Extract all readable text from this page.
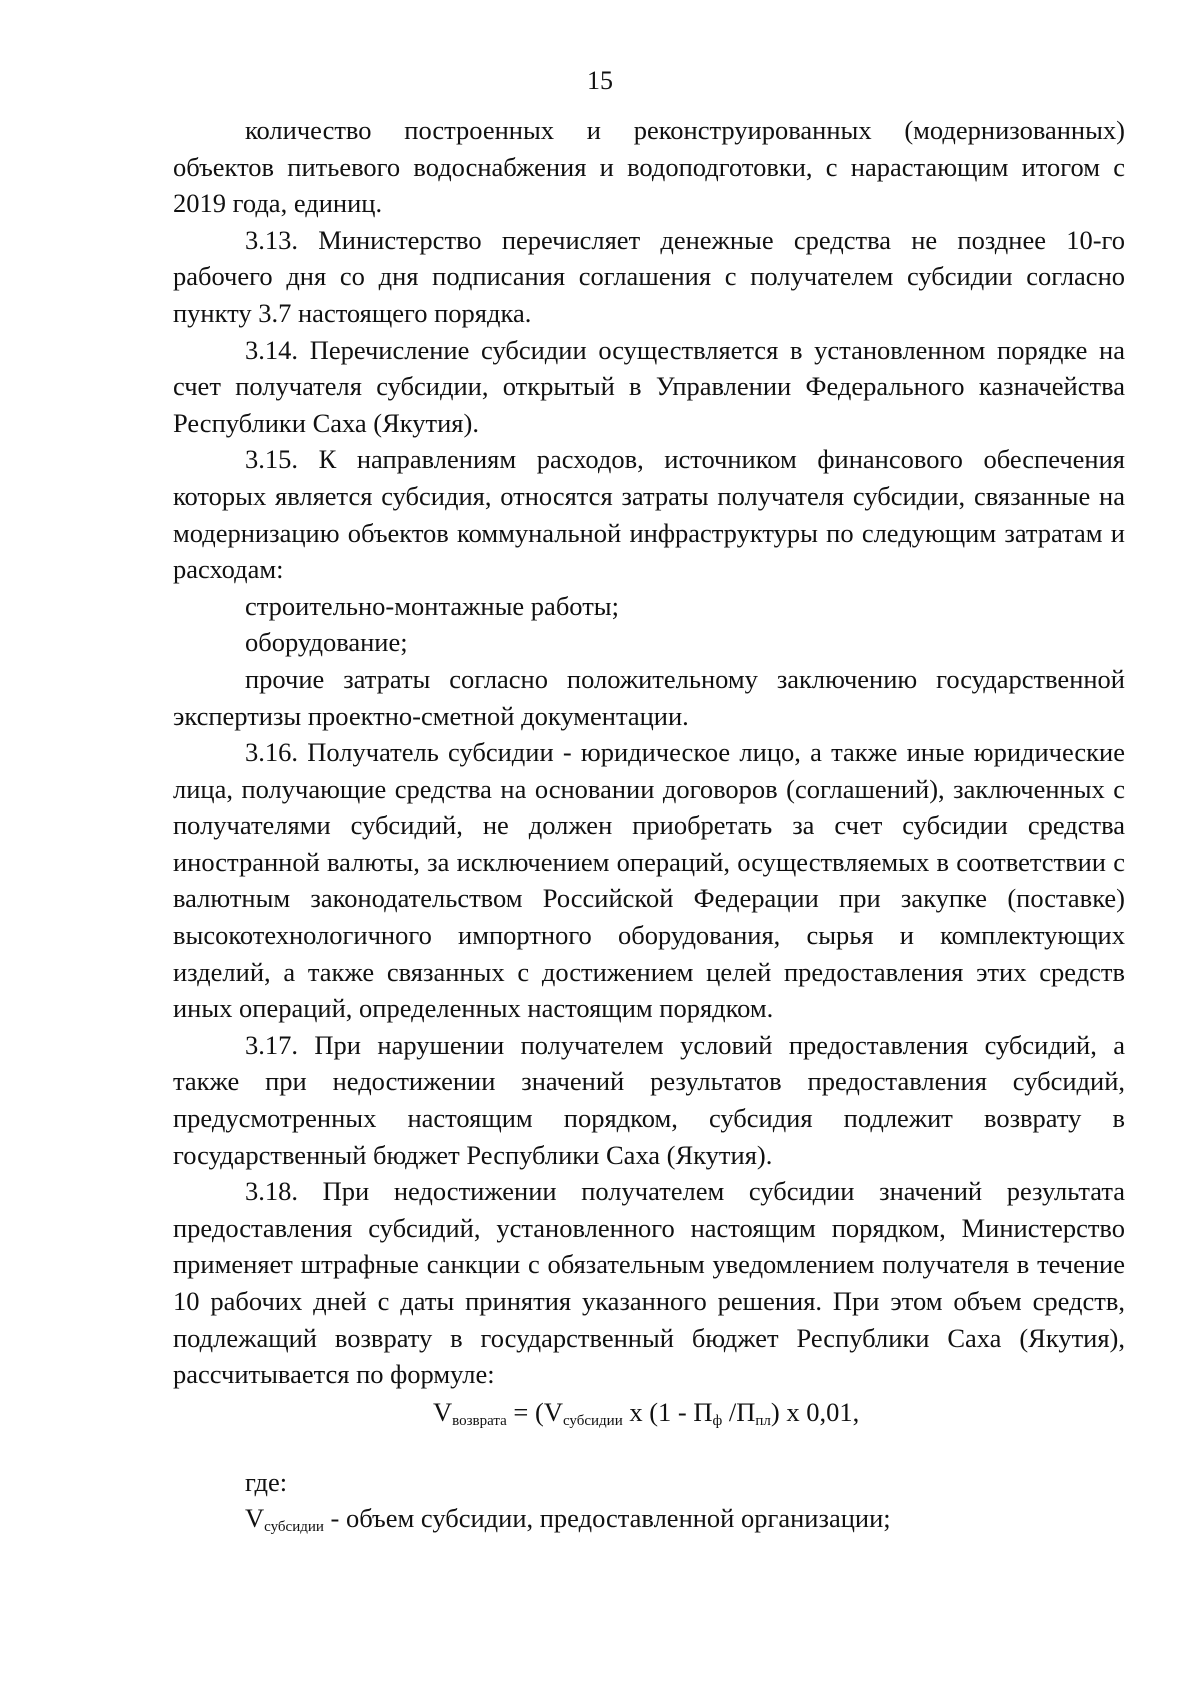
15

количество построенных и реконструированных (модернизованных) объектов питьевого водоснабжения и водоподготовки, с нарастающим итогом с 2019 года, единиц.

3.13. Министерство перечисляет денежные средства не позднее 10-го рабочего дня со дня подписания соглашения с получателем субсидии согласно пункту 3.7 настоящего порядка.

3.14. Перечисление субсидии осуществляется в установленном порядке на счет получателя субсидии, открытый в Управлении Федерального казначейства Республики Саха (Якутия).

3.15. К направлениям расходов, источником финансового обеспечения которых является субсидия, относятся затраты получателя субсидии, связанные на модернизацию объектов коммунальной инфраструктуры по следующим затратам и расходам:

строительно-монтажные работы;

оборудование;

прочие затраты согласно положительному заключению государственной экспертизы проектно-сметной документации.

3.16. Получатель субсидии - юридическое лицо, а также иные юридические лица, получающие средства на основании договоров (соглашений), заключенных с получателями субсидий, не должен приобретать за счет субсидии средства иностранной валюты, за исключением операций, осуществляемых в соответствии с валютным законодательством Российской Федерации при закупке (поставке) высокотехнологичного импортного оборудования, сырья и комплектующих изделий, а также связанных с достижением целей предоставления этих средств иных операций, определенных настоящим порядком.

3.17. При нарушении получателем условий предоставления субсидий, а также при недостижении значений результатов предоставления субсидий, предусмотренных настоящим порядком, субсидия подлежит возврату в государственный бюджет Республики Саха (Якутия).

3.18. При недостижении получателем субсидии значений результата предоставления субсидий, установленного настоящим порядком, Министерство применяет штрафные санкции с обязательным уведомлением получателя в течение 10 рабочих дней с даты принятия указанного решения. При этом объем средств, подлежащий возврату в государственный бюджет Республики Саха (Якутия), рассчитывается по формуле:

$V_{возврата} = (V_{субсидии}$ х ($1 - П_ф$ $/П_{пл}$) х 0,01,

где:

$V_{субсидии}$ - объем субсидии, предоставленной организации;
